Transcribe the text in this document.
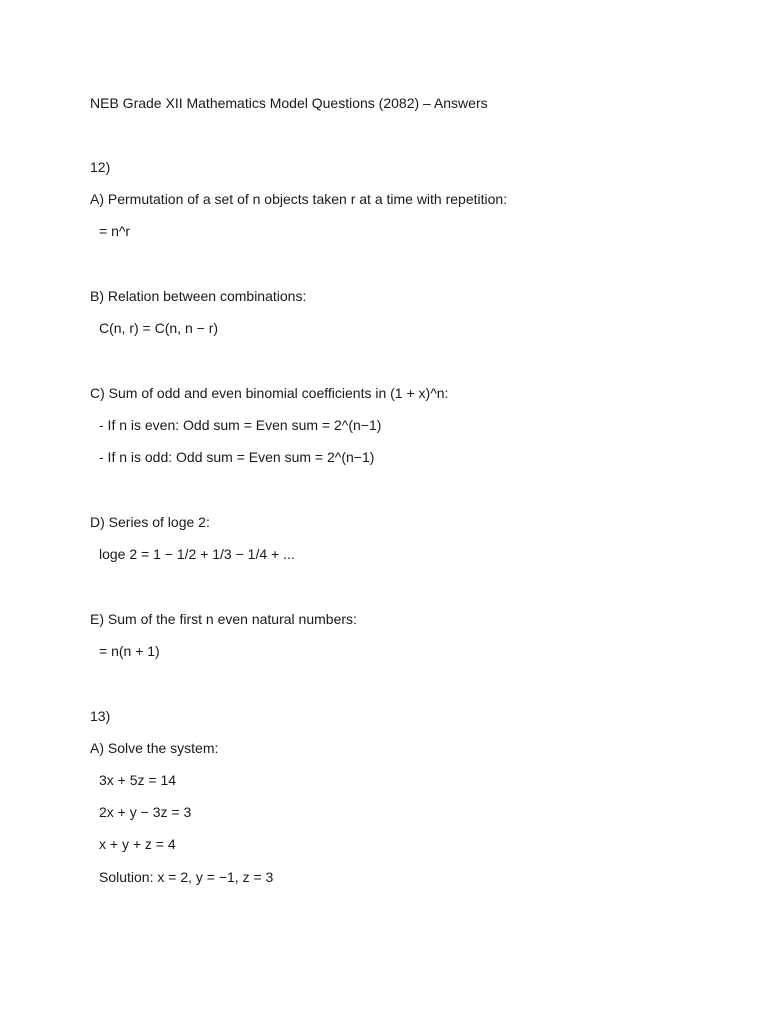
NEB Grade XII Mathematics Model Questions (2082) – Answers
12)
A) Permutation of a set of n objects taken r at a time with repetition:
= n^r
B) Relation between combinations:
C(n, r) = C(n, n − r)
C) Sum of odd and even binomial coefficients in (1 + x)^n:
- If n is even: Odd sum = Even sum = 2^(n−1)
- If n is odd: Odd sum = Even sum = 2^(n−1)
D) Series of loge 2:
loge 2 = 1 − 1/2 + 1/3 − 1/4 + ...
E) Sum of the first n even natural numbers:
= n(n + 1)
13)
A) Solve the system:
3x + 5z = 14
2x + y − 3z = 3
x + y + z = 4
Solution: x = 2, y = −1, z = 3
